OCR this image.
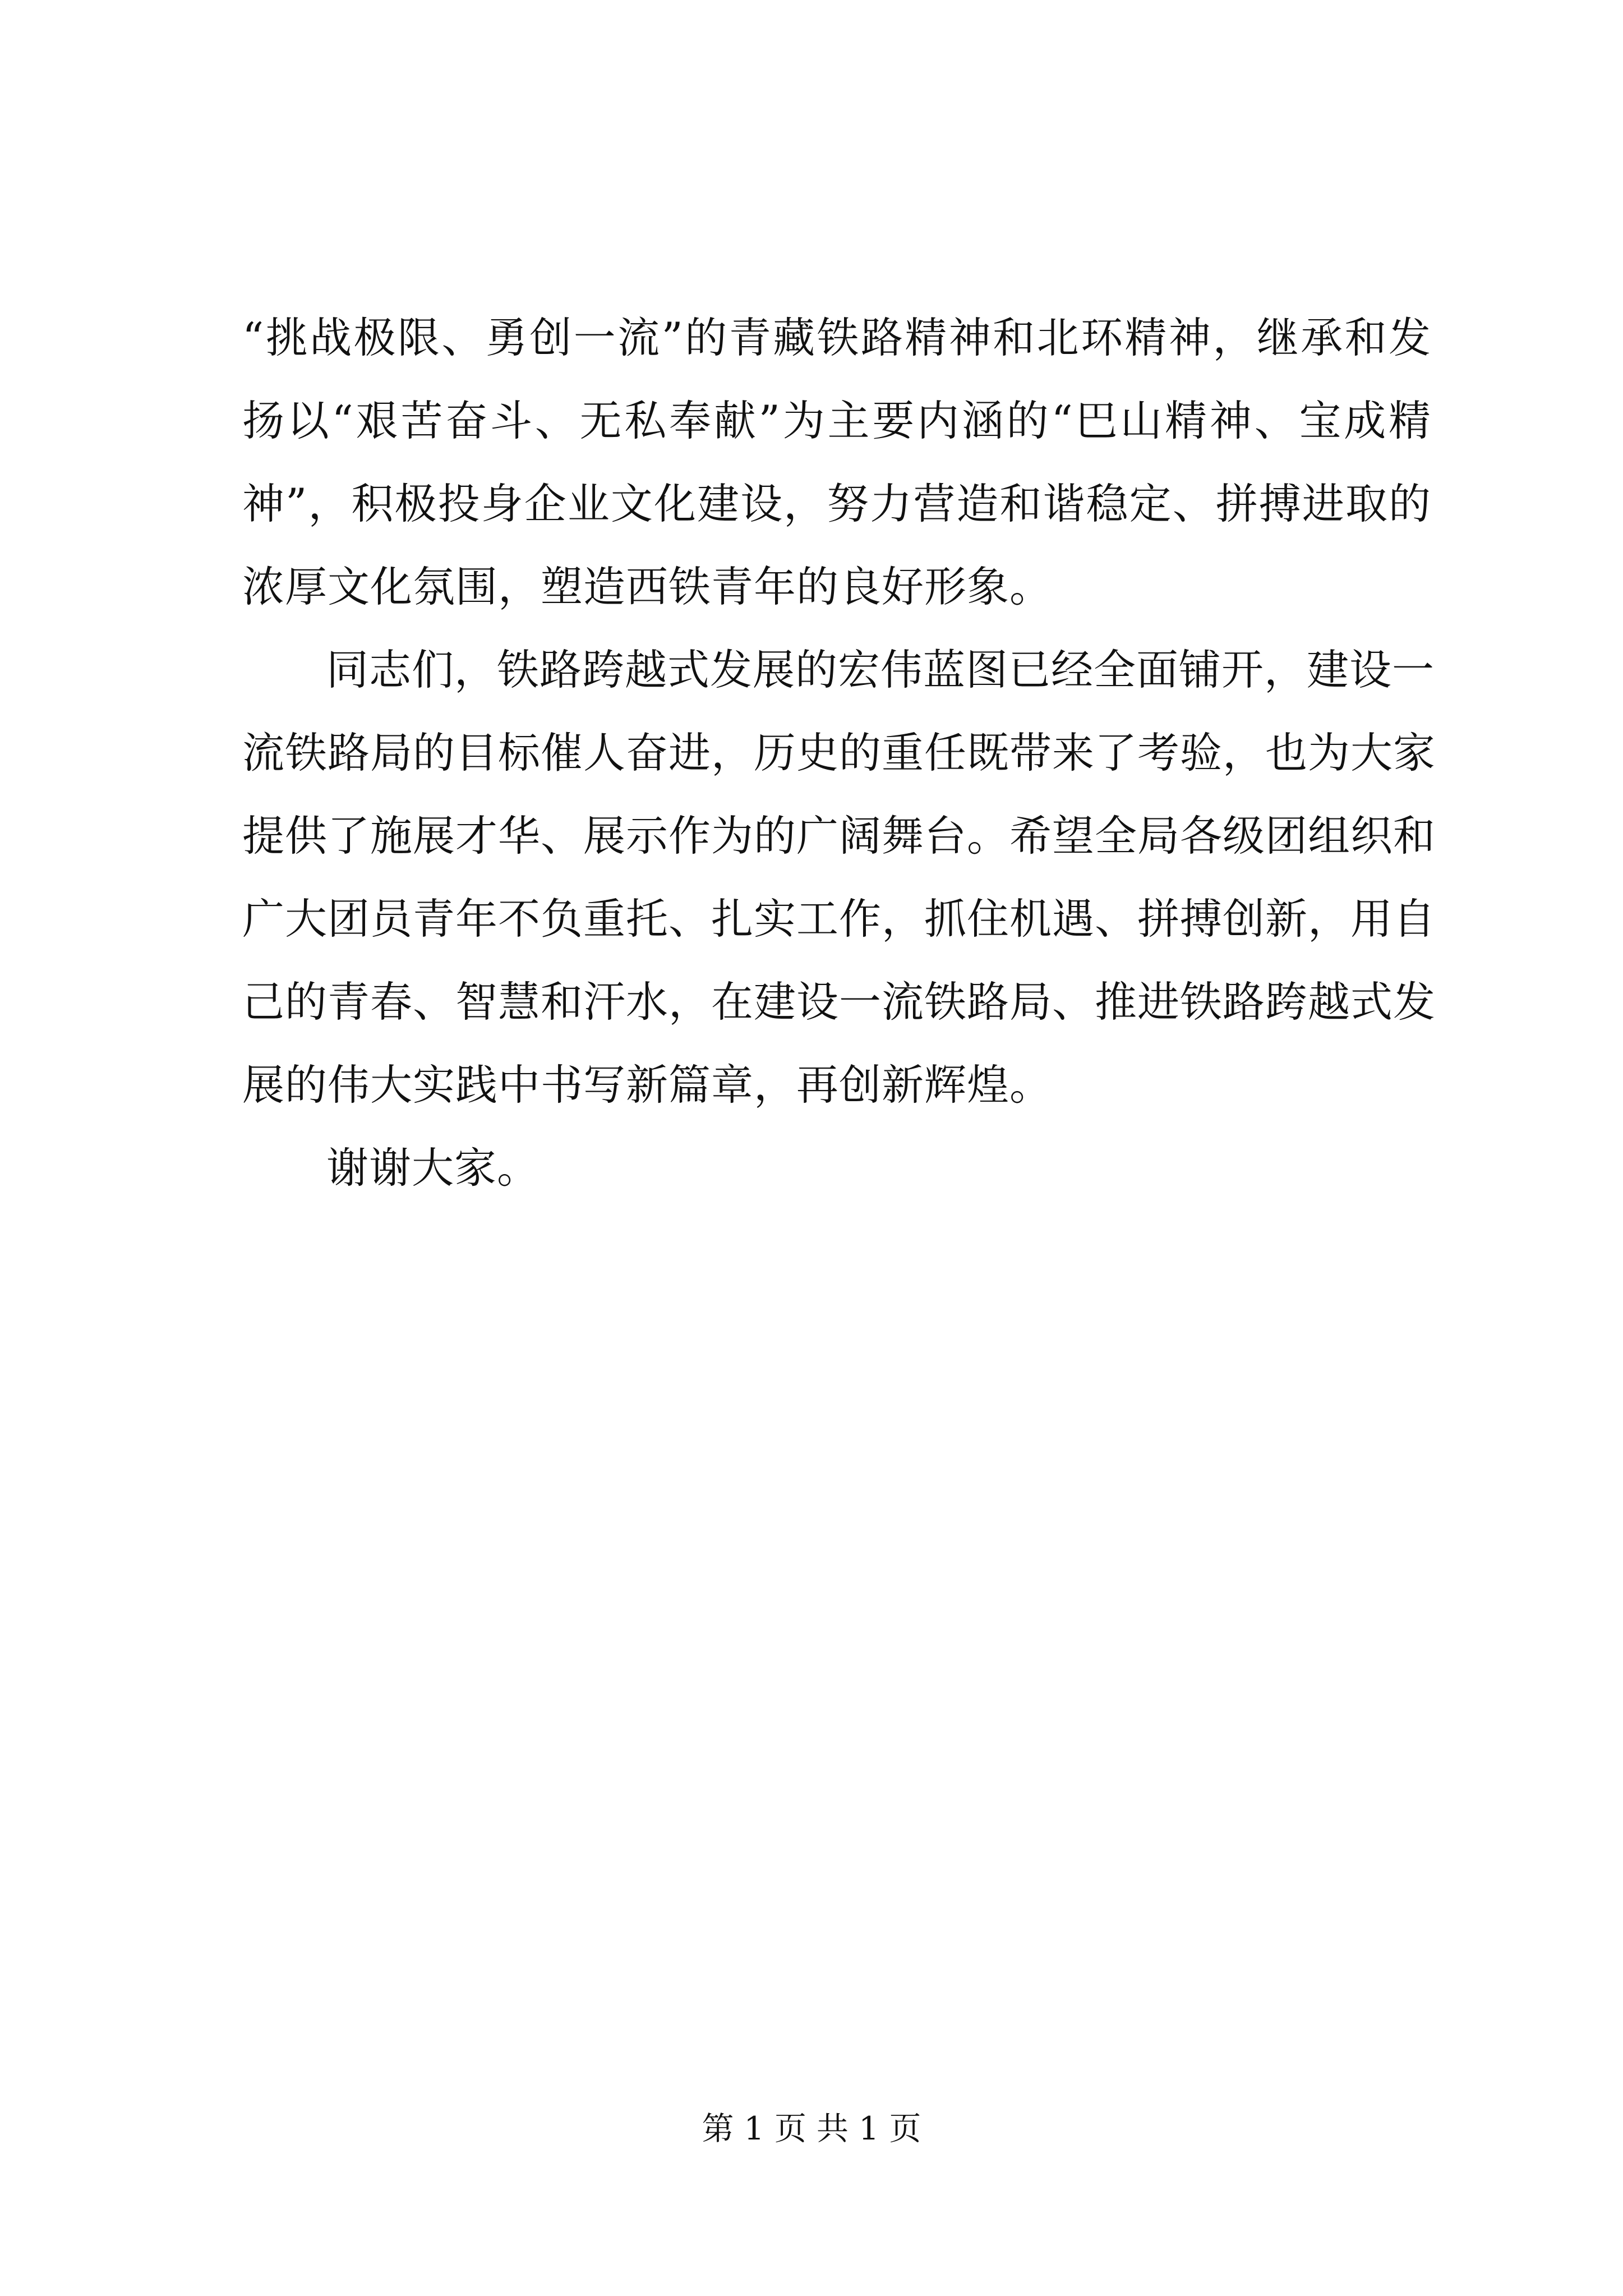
“挑战极限、勇创一流”的青藏铁路精神和北环精神，继承和发
扬以“艰苦奋斗、无私奉献”为主要内涵的“巴山精神、宝成精
神”，积极投身企业文化建设，努力营造和谐稳定、拼搏进取的
浓厚文化氛围，塑造西铁青年的良好形象。
同志们，铁路跨越式发展的宏伟蓝图已经全面铺开，建设一
流铁路局的目标催人奋进，历史的重任既带来了考验，也为大家
提供了施展才华、展示作为的广阔舞台。希望全局各级团组织和
广大团员青年不负重托、扎实工作，抓住机遇、拼搏创新，用自
己的青春、智慧和汗水，在建设一流铁路局、推进铁路跨越式发
展的伟大实践中书写新篇章，再创新辉煌。
谢谢大家。
第 1 页 共 1 页
